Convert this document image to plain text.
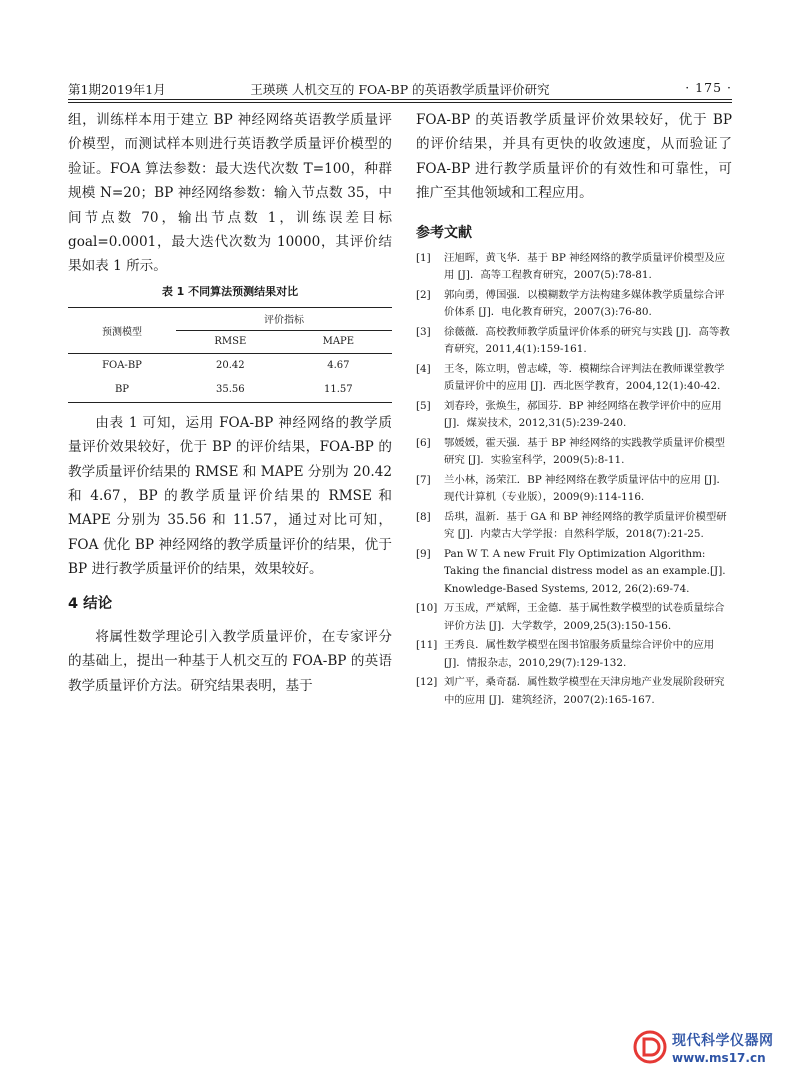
第1期2019年1月	王瑛瑛 人机交互的 FOA-BP 的英语教学质量评价研究	· 175 ·

组，训练样本用于建立 BP 神经网络英语教学质量评价模型，而测试样本则进行英语教学质量评价模型的验证。FOA 算法参数：最大迭代次数 T=100，种群规模 N=20；BP 神经网络参数：输入节点数 35，中间节点数 70，输出节点数 1，训练误差目标 goal=0.0001，最大迭代次数为 10000，其评价结果如表 1 所示。

表 1 不同算法预测结果对比
预测模型	评价指标	
	RMSE	MAPE
FOA-BP	20.42	4.67
BP	35.56	11.57

由表 1 可知，运用 FOA-BP 神经网络的教学质量评价效果较好，优于 BP 的评价结果，FOA-BP 的教学质量评价结果的 RMSE 和 MAPE 分别为 20.42 和 4.67，BP 的教学质量评价结果的 RMSE 和 MAPE 分别为 35.56 和 11.57，通过对比可知，FOA 优化 BP 神经网络的教学质量评价的结果，优于 BP 进行教学质量评价的结果，效果较好。

4 结论

将属性数学理论引入教学质量评价，在专家评分的基础上，提出一种基于人机交互的 FOA-BP 的英语教学质量评价方法。研究结果表明，基于

FOA-BP 的英语教学质量评价效果较好，优于 BP 的评价结果，并具有更快的收敛速度，从而验证了 FOA-BP 进行教学质量评价的有效性和可靠性，可推广至其他领域和工程应用。

参考文献
[1] 汪旭晖，黄飞华．基于 BP 神经网络的教学质量评价模型及应用 [J]．高等工程教育研究，2007(5):78-81.
[2] 郭向勇，傅国强．以模糊数学方法构建多媒体教学质量综合评价体系 [J]．电化教育研究，2007(3):76-80.
[3] 徐薇薇．高校教师教学质量评价体系的研究与实践 [J]．高等教育研究，2011,4(1):159-161.
[4] 王冬，陈立明，曾志嵘，等．模糊综合评判法在教师课堂教学质量评价中的应用 [J]．西北医学教育，2004,12(1):40-42.
[5] 刘春玲，张焕生，郝国芬．BP 神经网络在教学评价中的应用 [J]．煤炭技术，2012,31(5):239-240.
[6] 鄂媛媛，霍天强．基于 BP 神经网络的实践教学质量评价模型研究 [J]．实验室科学，2009(5):8-11.
[7] 兰小林，汤荣江．BP 神经网络在教学质量评估中的应用 [J]．现代计算机（专业版），2009(9):114-116.
[8] 岳琪，温新．基于 GA 和 BP 神经网络的教学质量评价模型研究 [J]．内蒙古大学学报：自然科学版，2018(7):21-25.
[9] Pan W T. A new Fruit Fly Optimization Algorithm: Taking the financial distress model as an example.[J]. Knowledge-Based Systems, 2012, 26(2):69-74.
[10] 万玉成，严斌辉，王金德．基于属性数学模型的试卷质量综合评价方法 [J]．大学数学，2009,25(3):150-156.
[11] 王秀良．属性数学模型在图书馆服务质量综合评价中的应用 [J]．情报杂志，2010,29(7):129-132.
[12] 刘广平，桑奇磊．属性数学模型在天津房地产业发展阶段研究中的应用 [J]．建筑经济，2007(2):165-167.
现代科学仪器网
www.ms17.cn
